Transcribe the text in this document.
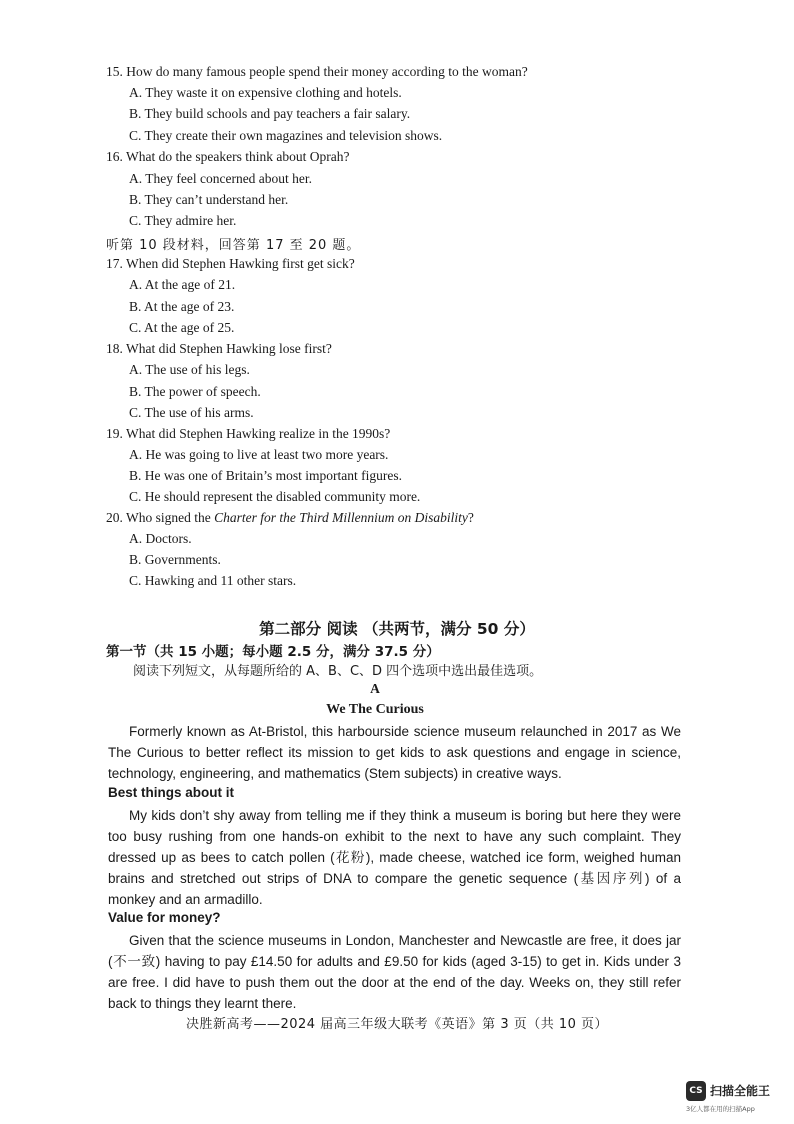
15. How do many famous people spend their money according to the woman?
A. They waste it on expensive clothing and hotels.
B. They build schools and pay teachers a fair salary.
C. They create their own magazines and television shows.
16. What do the speakers think about Oprah?
A. They feel concerned about her.
B. They can’t understand her.
C. They admire her.
听第 10 段材料，回答第 17 至 20 题。
17. When did Stephen Hawking first get sick?
A. At the age of 21.
B. At the age of 23.
C. At the age of 25.
18. What did Stephen Hawking lose first?
A. The use of his legs.
B. The power of speech.
C. The use of his arms.
19. What did Stephen Hawking realize in the 1990s?
A. He was going to live at least two more years.
B. He was one of Britain’s most important figures.
C. He should represent the disabled community more.
20. Who signed the Charter for the Third Millennium on Disability?
A. Doctors.
B. Governments.
C. Hawking and 11 other stars.
第二部分 阅读 （共两节，满分 50 分）
第一节（共 15 小题；每小题 2.5 分，满分 37.5 分）
阅读下列短文，从每题所给的 A、B、C、D 四个选项中选出最佳选项。
A
We The Curious
Formerly known as At-Bristol, this harbourside science museum relaunched in 2017 as We The Curious to better reflect its mission to get kids to ask questions and engage in science, technology, engineering, and mathematics (Stem subjects) in creative ways.
Best things about it
My kids don’t shy away from telling me if they think a museum is boring but here they were too busy rushing from one hands-on exhibit to the next to have any such complaint. They dressed up as bees to catch pollen (花粉), made cheese, watched ice form, weighed human brains and stretched out strips of DNA to compare the genetic sequence (基因序列) of a monkey and an armadillo.
Value for money?
Given that the science museums in London, Manchester and Newcastle are free, it does jar (不一致) having to pay £14.50 for adults and £9.50 for kids (aged 3-15) to get in. Kids under 3 are free. I did have to push them out the door at the end of the day. Weeks on, they still refer back to things they learnt there.
决胜新高考——2024 届高三年级大联考《英语》第 3 页（共 10 页）
CS 扫描全能王
3亿人都在用的扫描App
